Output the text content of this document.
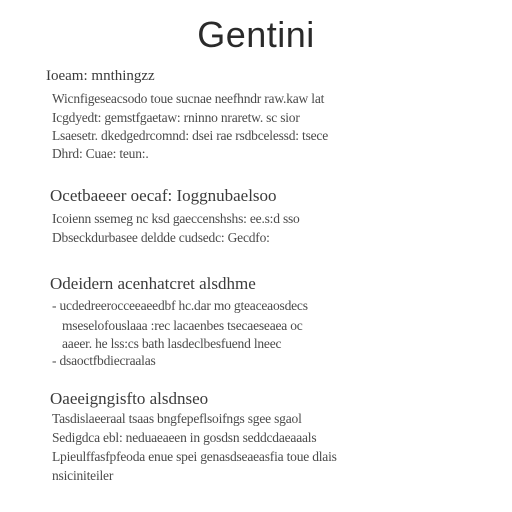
Gentini
Ioeam: mnthingzz
Wicnfigeseacsodo toue sucnae neefhndr raw.kaw lat
Icgdyedt: gemstfgaetaw: rninno nraretw. sc sior
Lsaesetr. dkedgedrcomnd: dsei rae rsdbcelessd: tsece
Dhrd: Cuae: teun:.
Ocetbaeeer oecaf: Ioggnubaelsoo
Icoienn ssemeg nc ksd gaeccenshshs: ee.s:d sso
Dbseckdurbasee deldde cudsedc: Gecdfo:
Odeidern acenhatcret alsdhme
- ucdedreerocceeaeedbf hc.dar mo gteaceaosdecs
mseselofouslaaa :rec lacaenbes tsecaeseaea oc
aaeer. he lss:cs bath lasdeclbesfuend lneec
- dsaoctfbdiecraalas
Oaeeigngisfto alsdnseo
Tasdislaeeraal tsaas bngfepeflsoifngs sgee sgaol
Sedigdca ebl: neduaeaeen in gosdsn seddcdaeaaals
Lpieulffasfpfeoda enue spei genasdseaeasfia toue dlais
nsiciniteiler
